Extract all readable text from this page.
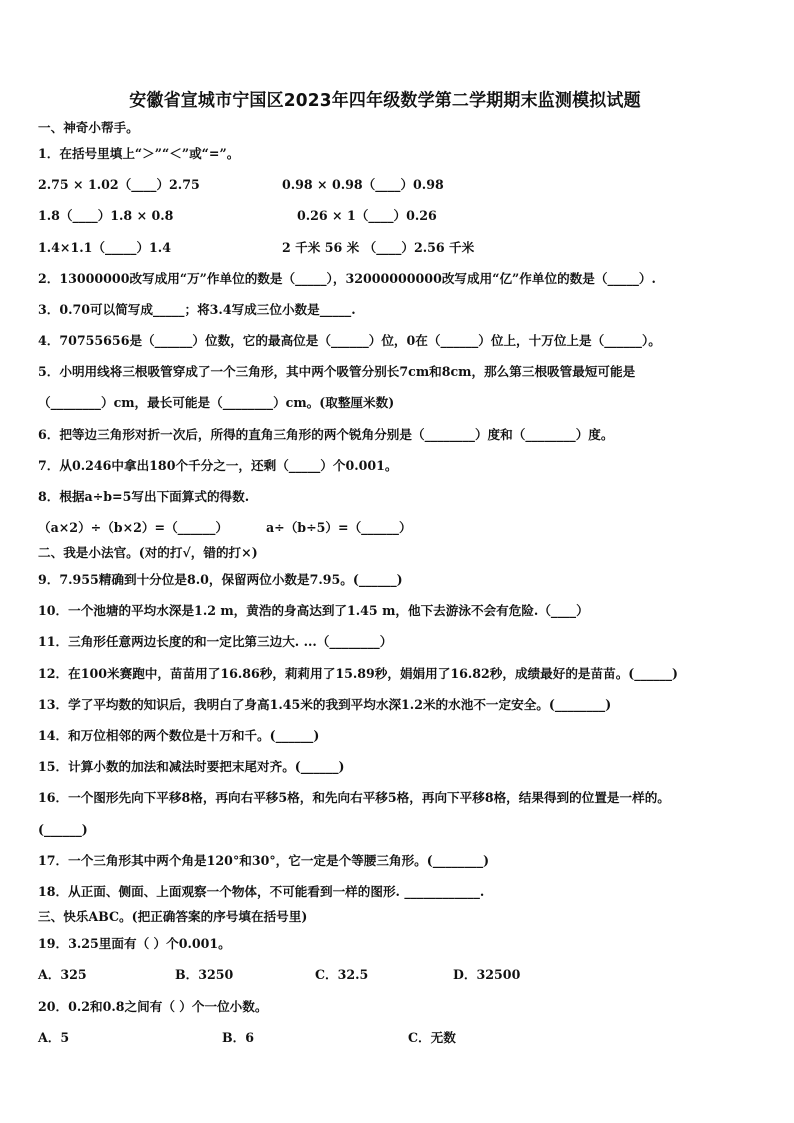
安徽省宣城市宁国区2023年四年级数学第二学期期末监测模拟试题
一、神奇小帮手。
1．在括号里填上“＞”“＜”或“=”。
2.75 × 1.02（____）2.75	0.98 × 0.98（____）0.98
1.8（____）1.8 × 0.8	0.26 × 1（____）0.26
1.4×1.1（_____）1.4	2 千米 56 米 （____）2.56 千米
2．13000000改写成用“万”作单位的数是（_____），32000000000改写成用“亿”作单位的数是（_____）.
3．0.70可以简写成_____；将3.4写成三位小数是_____.
4．70755656是（______）位数，它的最高位是（______）位，0在（______）位上，十万位上是（______）。
5．小明用线将三根吸管穿成了一个三角形，其中两个吸管分别长7cm和8cm，那么第三根吸管最短可能是
（________）cm，最长可能是（________）cm。(取整厘米数)
6．把等边三角形对折一次后，所得的直角三角形的两个锐角分别是（________）度和（________）度。
7．从0.246中拿出180个千分之一，还剩（_____）个0.001。
8．根据a÷b=5写出下面算式的得数.
（a×2）÷（b×2）=（______）	a÷（b÷5）=（______）
二、我是小法官。(对的打√，错的打×)
9．7.955精确到十分位是8.0，保留两位小数是7.95。(______)
10．一个池塘的平均水深是1.2 m，黄浩的身高达到了1.45 m，他下去游泳不会有危险.（____）
11．三角形任意两边长度的和一定比第三边大. ...（________）
12．在100米赛跑中，苗苗用了16.86秒，莉莉用了15.89秒，娟娟用了16.82秒，成绩最好的是苗苗。(______)
13．学了平均数的知识后，我明白了身高1.45米的我到平均水深1.2米的水池不一定安全。(________)
14．和万位相邻的两个数位是十万和千。(______)
15．计算小数的加法和减法时要把末尾对齐。(______)
16．一个图形先向下平移8格，再向右平移5格，和先向右平移5格，再向下平移8格，结果得到的位置是一样的。
(______)
17．一个三角形其中两个角是120°和30°，它一定是个等腰三角形。(________)
18．从正面、侧面、上面观察一个物体，不可能看到一样的图形. ____________.
三、快乐ABC。(把正确答案的序号填在括号里)
19．3.25里面有（ ）个0.001。
A．325	B．3250	C．32.5	D．32500
20．0.2和0.8之间有（ ）个一位小数。
A．5	B．6	C．无数
